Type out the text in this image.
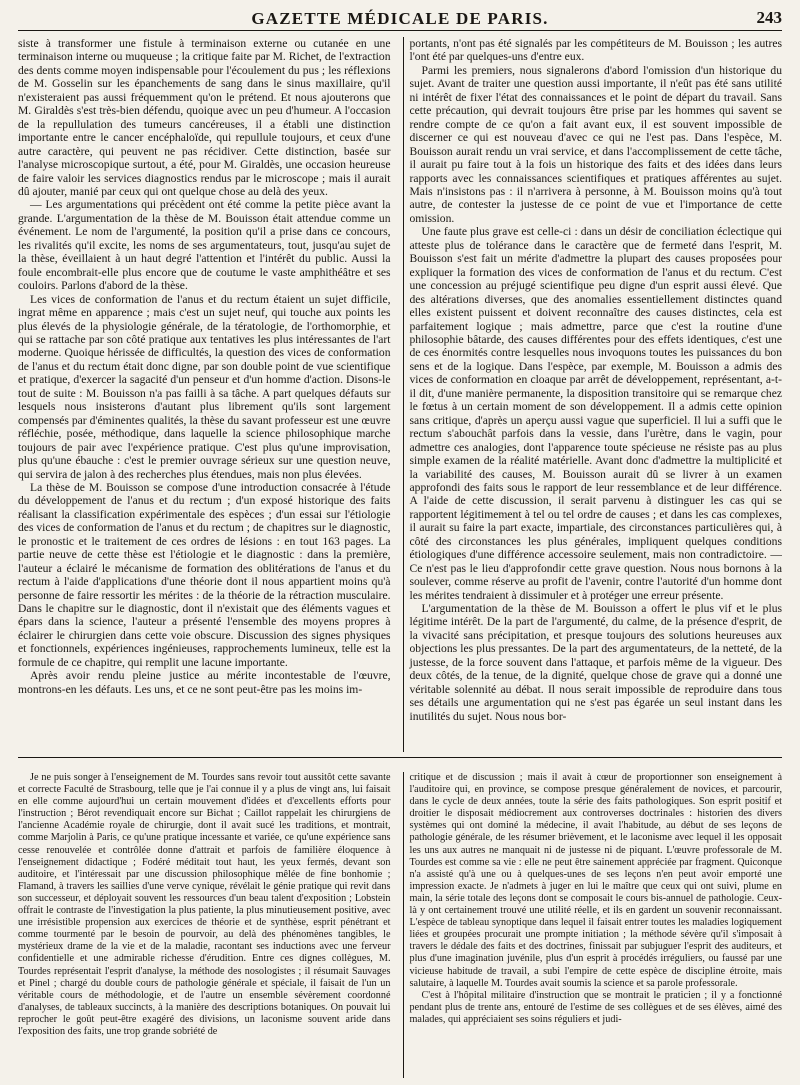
GAZETTE MÉDICALE DE PARIS.	243

siste à transformer une fistule à terminaison externe ou cutanée en une terminaison interne ou muqueuse ; la critique faite par M. Richet, de l'extraction des dents comme moyen indispensable pour l'écoulement du pus ; les réflexions de M. Gosselin sur les épanchements de sang dans le sinus maxillaire, qu'il n'existeraient pas aussi fréquemment qu'on le prétend. Et nous ajouterons que M. Giraldès s'est très-bien défendu, quoique avec un peu d'humeur. A l'occasion de la repullulation des tumeurs cancéreuses, il a établi une distinction importante entre le cancer encéphaloïde, qui repullule toujours, et ceux d'une autre caractère, qui peuvent ne pas récidiver. Cette distinction, basée sur l'analyse microscopique surtout, a été, pour M. Giraldès, une occasion heureuse de faire valoir les services diagnostics rendus par le microscope ; mais il aurait dû ajouter, manié par ceux qui ont quelque chose au delà des yeux.

— Les argumentations qui précèdent ont été comme la petite pièce avant la grande. L'argumentation de la thèse de M. Bouisson était attendue comme un événement. Le nom de l'argumenté, la position qu'il a prise dans ce concours, les rivalités qu'il excite, les noms de ses argumentateurs, tout, jusqu'au sujet de la thèse, éveillaient à un haut degré l'attention et l'intérêt du public. Aussi la foule encombrait-elle plus encore que de coutume le vaste amphithéâtre et ses couloirs. Parlons d'abord de la thèse.

Les vices de conformation de l'anus et du rectum étaient un sujet difficile, ingrat même en apparence ; mais c'est un sujet neuf, qui touche aux points les plus élevés de la physiologie générale, de la tératologie, de l'orthomorphie, et qui se rattache par son côté pratique aux tentatives les plus intéressantes de l'art moderne. Quoique hérissée de difficultés, la question des vices de conformation de l'anus et du rectum était donc digne, par son double point de vue scientifique et pratique, d'exercer la sagacité d'un penseur et d'un homme d'action. Disons-le tout de suite : M. Bouisson n'a pas failli à sa tâche. A part quelques défauts sur lesquels nous insisterons d'autant plus librement qu'ils sont largement compensés par d'éminentes qualités, la thèse du savant professeur est une œuvre réfléchie, posée, méthodique, dans laquelle la science philosophique marche toujours de pair avec l'expérience pratique. C'est plus qu'une improvisation, plus qu'une ébauche : c'est le premier ouvrage sérieux sur une question neuve, qui servira de jalon à des recherches plus étendues, mais non plus élevées.

La thèse de M. Bouisson se compose d'une introduction consacrée à l'étude du développement de l'anus et du rectum ; d'un exposé historique des faits réalisant la classification expérimentale des espèces ; d'un essai sur l'étiologie des vices de conformation de l'anus et du rectum ; de chapitres sur le diagnostic, le pronostic et le traitement de ces ordres de lésions : en tout 163 pages. La partie neuve de cette thèse est l'étiologie et le diagnostic : dans la première, l'auteur a éclairé le mécanisme de formation des oblitérations de l'anus et du rectum à l'aide d'applications d'une théorie dont il nous appartient moins qu'à personne de faire ressortir les mérites : de la théorie de la rétraction musculaire. Dans le chapitre sur le diagnostic, dont il n'existait que des éléments vagues et épars dans la science, l'auteur a présenté l'ensemble des moyens propres à éclairer le chirurgien dans cette voie obscure. Discussion des signes physiques et fonctionnels, expériences ingénieuses, rapprochements lumineux, telle est la formule de ce chapitre, qui remplit une lacune importante.

Après avoir rendu pleine justice au mérite incontestable de l'œuvre, montrons-en les défauts. Les uns, et ce ne sont peut-être pas les moins im-

portants, n'ont pas été signalés par les compétiteurs de M. Bouisson ; les autres l'ont été par quelques-uns d'entre eux.

Parmi les premiers, nous signalerons d'abord l'omission d'un historique du sujet. Avant de traiter une question aussi importante, il n'eût pas été sans utilité ni intérêt de fixer l'état des connaissances et le point de départ du travail. Sans cette précaution, qui devrait toujours être prise par les hommes qui savent se rendre compte de ce qu'on a fait avant eux, il est souvent impossible de discerner ce qui est nouveau d'avec ce qui ne l'est pas. Dans l'espèce, M. Bouisson aurait rendu un vrai service, et dans l'accomplissement de cette tâche, il aurait pu faire tout à la fois un historique des faits et des idées dans leurs rapports avec les connaissances scientifiques et pratiques afférentes au sujet. Mais n'insistons pas : il n'arrivera à personne, à M. Bouisson moins qu'à tout autre, de contester la justesse de ce point de vue et l'importance de cette omission.

Une faute plus grave est celle-ci : dans un désir de conciliation éclectique qui atteste plus de tolérance dans le caractère que de fermeté dans l'esprit, M. Bouisson s'est fait un mérite d'admettre la plupart des causes proposées pour expliquer la formation des vices de conformation de l'anus et du rectum. C'est une concession au préjugé scientifique peu digne d'un esprit aussi élevé. Que des altérations diverses, que des anomalies essentiellement distinctes quand elles existent puissent et doivent reconnaître des causes distinctes, cela est parfaitement logique ; mais admettre, parce que c'est la routine d'une philosophie bâtarde, des causes différentes pour des effets identiques, c'est une de ces énormités contre lesquelles nous invoquons toutes les puissances du bon sens et de la logique. Dans l'espèce, par exemple, M. Bouisson a admis des vices de conformation en cloaque par arrêt de développement, représentant, a-t-il dit, d'une manière permanente, la disposition transitoire qui se remarque chez le fœtus à un certain moment de son développement. Il a admis cette opinion sans critique, d'après un aperçu aussi vague que superficiel. Il lui a suffi que le rectum s'abouchât parfois dans la vessie, dans l'urètre, dans le vagin, pour admettre ces analogies, dont l'apparence toute spécieuse ne résiste pas au plus simple examen de la réalité matérielle. Avant donc d'admettre la multiplicité et la variabilité des causes, M. Bouisson aurait dû se livrer à un examen approfondi des faits sous le rapport de leur ressemblance et de leur différence. A l'aide de cette discussion, il serait parvenu à distinguer les cas qui se rapportent légitimement à tel ou tel ordre de causes ; et dans les cas complexes, il aurait su faire la part exacte, impartiale, des circonstances particulières qui, à côté des circonstances les plus générales, impliquent quelques conditions étiologiques d'une différence accessoire seulement, mais non contradictoire. — Ce n'est pas le lieu d'approfondir cette grave question. Nous nous bornons à la soulever, comme réserve au profit de l'avenir, contre l'autorité d'un homme dont les mérites tendraient à dissimuler et à protéger une erreur présente.

L'argumentation de la thèse de M. Bouisson a offert le plus vif et le plus légitime intérêt. De la part de l'argumenté, du calme, de la présence d'esprit, de la vivacité sans précipitation, et presque toujours des solutions heureuses aux objections les plus pressantes. De la part des argumentateurs, de la netteté, de la justesse, de la force souvent dans l'attaque, et parfois même de la vigueur. Des deux côtés, de la tenue, de la dignité, quelque chose de grave qui a donné une véritable solennité au débat. Il nous serait impossible de reproduire dans tous ses détails une argumentation qui ne s'est pas égarée un seul instant dans les inutilités du sujet. Nous nous bor-

Je ne puis songer à l'enseignement de M. Tourdes sans revoir tout aussitôt cette savante et correcte Faculté de Strasbourg, telle que je l'ai connue il y a plus de vingt ans, lui faisait en elle comme aujourd'hui un certain mouvement d'idées et d'excellents efforts pour l'instruction ; Bérot revendiquait encore sur Bichat ; Caillot rappelait les chirurgiens de l'ancienne Académie royale de chirurgie, dont il avait sucé les traditions, et montrait, comme Marjolin à Paris, ce qu'une pratique incessante et variée, ce qu'une expérience sans cesse renouvelée et contrôlée donne d'attrait et parfois de familière éloquence à l'enseignement didactique ; Fodéré méditait tout haut, les yeux fermés, devant son auditoire, et l'intéressait par une discussion philosophique mêlée de fine bonhomie ; Flamand, à travers les saillies d'une verve cynique, révélait le génie pratique qui revit dans son successeur, et déployait souvent les ressources d'un beau talent d'exposition ; Lobstein offrait le contraste de l'investigation la plus patiente, la plus minutieusement positive, avec une irrésistible propension aux exercices de théorie et de synthèse, esprit pénétrant et comme tourmenté par le besoin de pourvoir, au delà des phénomènes tangibles, le mystérieux drame de la vie et de la maladie, racontant ses inductions avec une ferveur confidentielle et une admirable richesse d'érudition. Entre ces dignes collègues, M. Tourdes représentait l'esprit d'analyse, la méthode des nosologistes ; il résumait Sauvages et Pinel ; chargé du double cours de pathologie générale et spéciale, il faisait de l'un un véritable cours de méthodologie, et de l'autre un ensemble sévèrement coordonné d'analyses, de tableaux succincts, à la manière des descriptions botaniques. On pouvait lui reprocher le goût peut-être exagéré des divisions, un laconisme souvent aride dans l'exposition des faits, une trop grande sobriété de

critique et de discussion ; mais il avait à cœur de proportionner son enseignement à l'auditoire qui, en province, se compose presque généralement de novices, et parcourir, dans le cycle de deux années, toute la série des faits pathologiques. Son esprit positif et droitier le disposait médiocrement aux controverses doctrinales : historien des divers systèmes qui ont dominé la médecine, il avait l'habitude, au début de ses leçons de pathologie générale, de les résumer brièvement, et le laconisme avec lequel il les opposait les uns aux autres ne manquait ni de justesse ni de piquant. L'œuvre professorale de M. Tourdes est comme sa vie : elle ne peut être sainement appréciée par fragment. Quiconque n'a assisté qu'à une ou à quelques-unes de ses leçons n'en peut avoir emporté une impression exacte. Je n'admets à juger en lui le maître que ceux qui ont suivi, plume en main, la série totale des leçons dont se composait le cours bis-annuel de pathologie. Ceux-là y ont certainement trouvé une utilité réelle, et ils en gardent un souvenir reconnaissant. L'espèce de tableau synoptique dans lequel il faisait entrer toutes les maladies logiquement liées et groupées procurait une prompte initiation ; la méthode sévère qu'il s'imposait à travers le dédale des faits et des doctrines, finissait par subjuguer l'esprit des auditeurs, et plus d'une imagination juvénile, plus d'un esprit à procédés irréguliers, ou faussé par une vicieuse habitude de travail, a subi l'empire de cette espèce de discipline étroite, mais salutaire, à laquelle M. Tourdes avait soumis la science et sa parole professorale.

C'est à l'hôpital militaire d'instruction que se montrait le praticien ; il y a fonctionné pendant plus de trente ans, entouré de l'estime de ses collègues et de ses élèves, aimé des malades, qui appréciaient ses soins réguliers et judi-
